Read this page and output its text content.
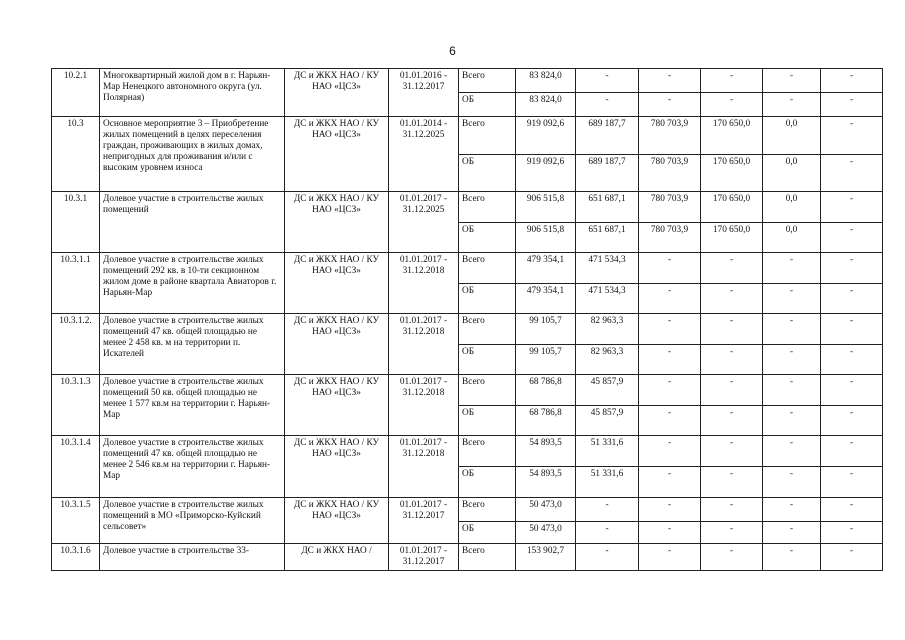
6
10.2.1	Многоквартирный жилой дом в г. Нарьян-Мар Ненецкого автономного округа (ул. Полярная)	ДС и ЖКХ НАО / КУ НАО «ЦСЗ»	01.01.2016 - 31.12.2017	Всего	83 824,0	-	-	-	-	-
				ОБ	83 824,0	-	-	-	-	-
10.3	Основное мероприятие 3 – Приобретение жилых помещений в целях переселения граждан, проживающих в жилых домах, непригодных для проживания и/или с высоким уровнем износа	ДС и ЖКХ НАО / КУ НАО «ЦСЗ»	01.01.2014 - 31.12.2025	Всего	919 092,6	689 187,7	780 703,9	170 650,0	0,0	-
				ОБ	919 092,6	689 187,7	780 703,9	170 650,0	0,0	-
10.3.1	Долевое участие в строительстве жилых помещений	ДС и ЖКХ НАО / КУ НАО «ЦСЗ»	01.01.2017 - 31.12.2025	Всего	906 515,8	651 687,1	780 703,9	170 650,0	0,0	-
				ОБ	906 515,8	651 687,1	780 703,9	170 650,0	0,0	-
10.3.1.1	Долевое участие в строительстве жилых помещений 292 кв. в 10-ти секционном жилом доме в районе квартала Авиаторов г. Нарьян-Мар	ДС и ЖКХ НАО / КУ НАО «ЦСЗ»	01.01.2017 - 31.12.2018	Всего	479 354,1	471 534,3	-	-	-	-
				ОБ	479 354,1	471 534,3	-	-	-	-
10.3.1.2.	Долевое участие в строительстве жилых помещений 47 кв. общей площадью не менее 2 458 кв. м на территории п. Искателей	ДС и ЖКХ НАО / КУ НАО «ЦСЗ»	01.01.2017 - 31.12.2018	Всего	99 105,7	82 963,3	-	-	-	-
				ОБ	99 105,7	82 963,3	-	-	-	-
10.3.1.3	Долевое участие в строительстве жилых помещений 50 кв. общей площадью не менее 1 577 кв.м на территории г. Нарьян-Мар	ДС и ЖКХ НАО / КУ НАО «ЦСЗ»	01.01.2017 - 31.12.2018	Всего	68 786,8	45 857,9	-	-	-	-
				ОБ	68 786,8	45 857,9	-	-	-	-
10.3.1.4	Долевое участие в строительстве жилых помещений 47 кв. общей площадью не менее 2 546 кв.м на территории г. Нарьян-Мар	ДС и ЖКХ НАО / КУ НАО «ЦСЗ»	01.01.2017 - 31.12.2018	Всего	54 893,5	51 331,6	-	-	-	-
				ОБ	54 893,5	51 331,6	-	-	-	-
10.3.1.5	Долевое участие в строительстве жилых помещений в МО «Приморско-Куйский сельсовет»	ДС и ЖКХ НАО / КУ НАО «ЦСЗ»	01.01.2017 - 31.12.2017	Всего	50 473,0	-	-	-	-	-
				ОБ	50 473,0	-	-	-	-	-
10.3.1.6	Долевое участие в строительстве 33-	ДС и ЖКХ НАО /	01.01.2017 - 31.12.2017	Всего	153 902,7	-	-	-	-	-
